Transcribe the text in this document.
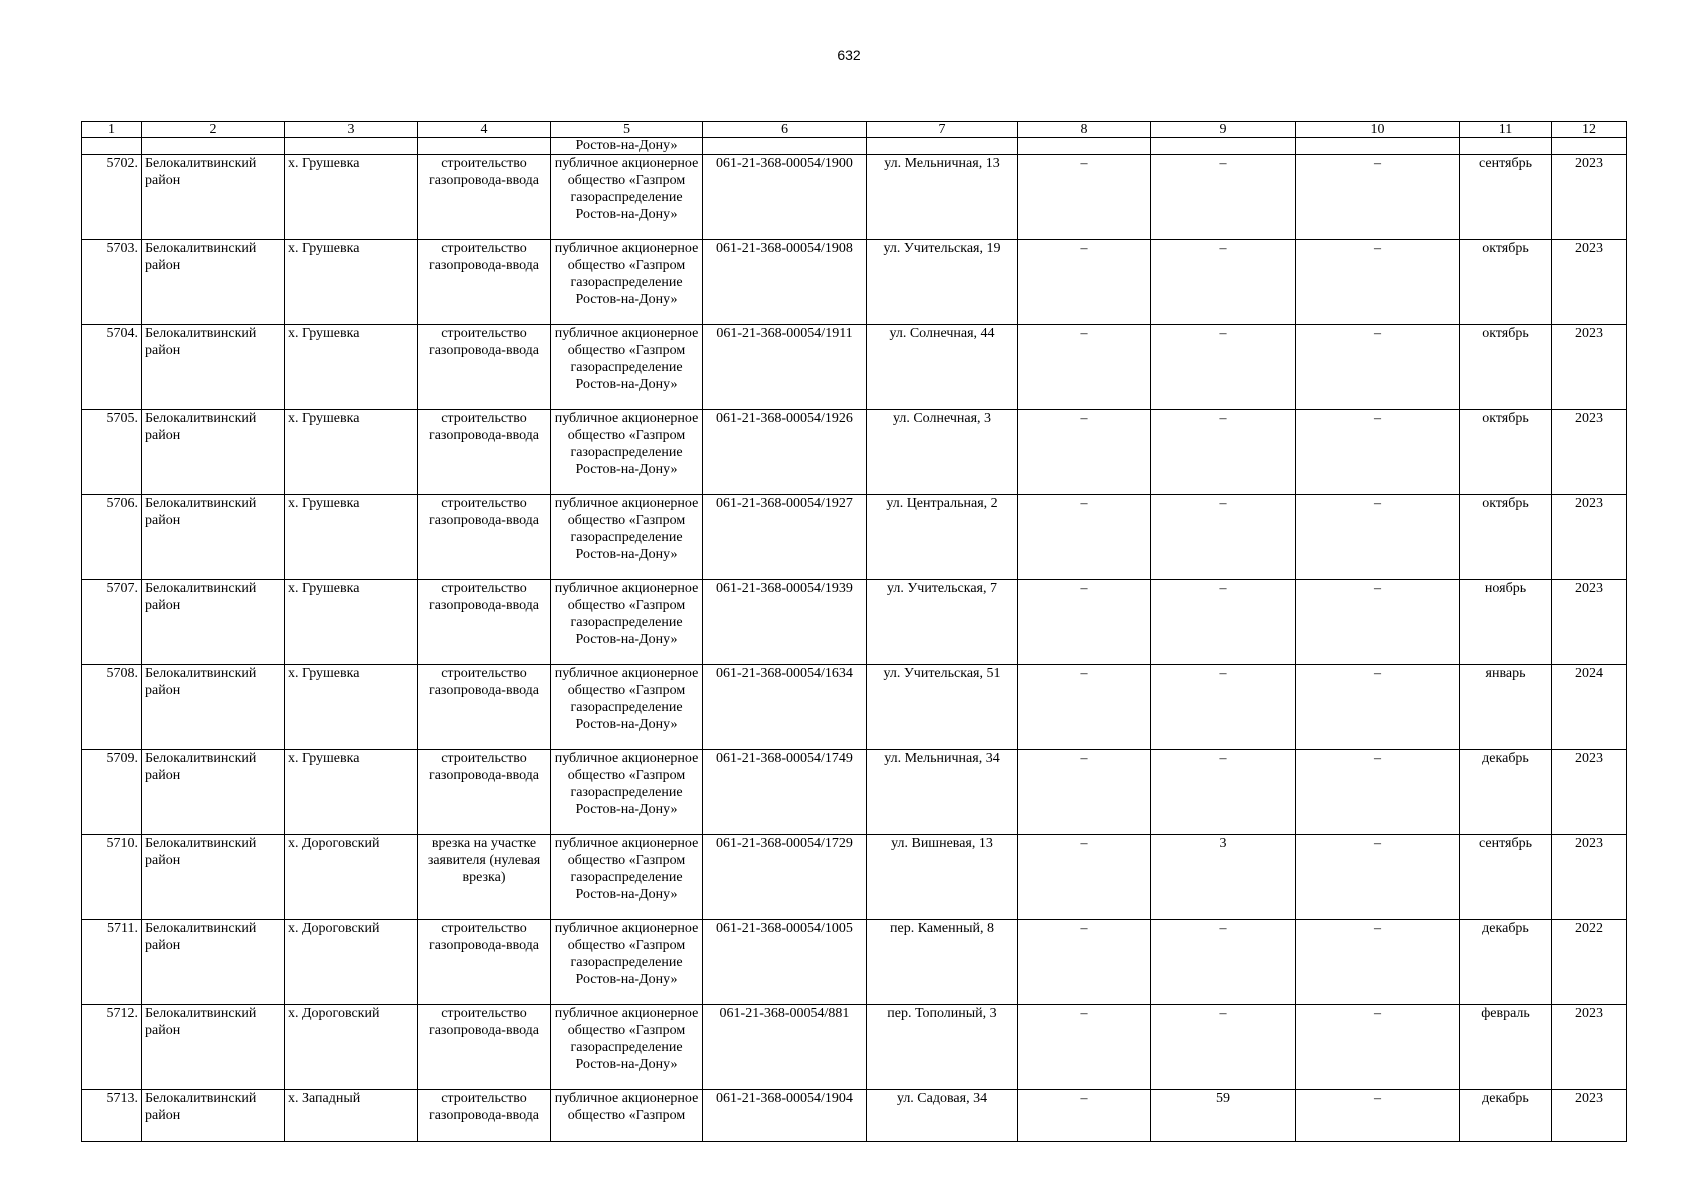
632
1	2	3	4	5	6	7	8	9	10	11	12
				Ростов-на-Дону»							
5702.	Белокалитвинский район	х. Грушевка	строительство газопровода-ввода	публичное акционерное общество «Газпром газораспределение Ростов-на-Дону»	061-21-368-00054/1900	ул. Мельничная, 13	–	–	–	сентябрь	2023
5703.	Белокалитвинский район	х. Грушевка	строительство газопровода-ввода	публичное акционерное общество «Газпром газораспределение Ростов-на-Дону»	061-21-368-00054/1908	ул. Учительская, 19	–	–	–	октябрь	2023
5704.	Белокалитвинский район	х. Грушевка	строительство газопровода-ввода	публичное акционерное общество «Газпром газораспределение Ростов-на-Дону»	061-21-368-00054/1911	ул. Солнечная, 44	–	–	–	октябрь	2023
5705.	Белокалитвинский район	х. Грушевка	строительство газопровода-ввода	публичное акционерное общество «Газпром газораспределение Ростов-на-Дону»	061-21-368-00054/1926	ул. Солнечная, 3	–	–	–	октябрь	2023
5706.	Белокалитвинский район	х. Грушевка	строительство газопровода-ввода	публичное акционерное общество «Газпром газораспределение Ростов-на-Дону»	061-21-368-00054/1927	ул. Центральная, 2	–	–	–	октябрь	2023
5707.	Белокалитвинский район	х. Грушевка	строительство газопровода-ввода	публичное акционерное общество «Газпром газораспределение Ростов-на-Дону»	061-21-368-00054/1939	ул. Учительская, 7	–	–	–	ноябрь	2023
5708.	Белокалитвинский район	х. Грушевка	строительство газопровода-ввода	публичное акционерное общество «Газпром газораспределение Ростов-на-Дону»	061-21-368-00054/1634	ул. Учительская, 51	–	–	–	январь	2024
5709.	Белокалитвинский район	х. Грушевка	строительство газопровода-ввода	публичное акционерное общество «Газпром газораспределение Ростов-на-Дону»	061-21-368-00054/1749	ул. Мельничная, 34	–	–	–	декабрь	2023
5710.	Белокалитвинский район	х. Дороговский	врезка на участке заявителя (нулевая врезка)	публичное акционерное общество «Газпром газораспределение Ростов-на-Дону»	061-21-368-00054/1729	ул. Вишневая, 13	–	3	–	сентябрь	2023
5711.	Белокалитвинский район	х. Дороговский	строительство газопровода-ввода	публичное акционерное общество «Газпром газораспределение Ростов-на-Дону»	061-21-368-00054/1005	пер. Каменный, 8	–	–	–	декабрь	2022
5712.	Белокалитвинский район	х. Дороговский	строительство газопровода-ввода	публичное акционерное общество «Газпром газораспределение Ростов-на-Дону»	061-21-368-00054/881	пер. Тополиный, 3	–	–	–	февраль	2023
5713.	Белокалитвинский район	х. Западный	строительство газопровода-ввода	публичное акционерное общество «Газпром	061-21-368-00054/1904	ул. Садовая, 34	–	59	–	декабрь	2023
